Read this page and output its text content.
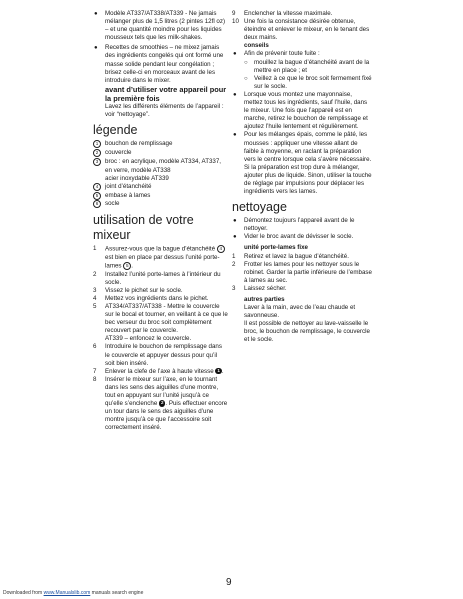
● Modèle AT337/AT338/AT339 - Ne jamais mélanger plus de 1,5 litres (2 pintes 12fl oz) – et une quantité moindre pour les liquides mousseux tels que les milk-shakes.

● Recettes de smoothies – ne mixez jamais des ingrédients congelés qui ont formé une masse solide pendant leur congélation ; brisez celle-ci en morceaux avant de les introduire dans le mixer.

avant d’utiliser votre appareil pour la première fois

Lavez les différents éléments de l’appareil : voir “nettoyage”.

légende
1	bouchon de remplissage
2	couvercle
3	broc : en acrylique, modèle AT334, AT337,
en verre, modèle AT338
acier inoxydable AT339
4	joint d’étanchéité
5	embase à lames
6	socle
utilisation de votre mixeur

1 Assurez-vous que la bague d’étanchéité 4 est bien en place par dessus l’unité porte-lames 5 .

2 Installez l’unité porte-lames à l’intérieur du socle.

3 Vissez le pichet sur le socle.

4 Mettez vos ingrédients dans le pichet.

5 AT334/AT337/AT338 - Mettre le couvercle sur le bocal et tourner, en veillant à ce que le bec verseur du broc soit complètement recouvert par le couvercle.

AT339 – enfoncez le couvercle.

6 Introduire le bouchon de remplissage dans le couvercle et appuyer dessus pour qu’il soit bien inséré.

7 Enlever la clefe de l’axe à haute vitesse 1 .

8 Insérer le mixeur sur l’axe, en le tournant dans les sens des aiguilles d’une montre, tout en appuyant sur l’unité jusqu’à ce qu’elle s’enclenche 2 . Puis effectuer encore un tour dans le sens des aiguilles d’une montre jusqu’à ce que l’accessoire soit correctement inséré.

9 Enclencher la vitesse maximale.

10 Une fois la consistance désirée obtenue, éteindre et enlever le mixeur, en le tenant des deux mains.

conseils

● Afin de prévenir toute fuite :

○ mouillez la bague d’étanchéité avant de la mettre en place ; et

○ Veillez à ce que le broc soit fermement fixé sur le socle.

● Lorsque vous montez une mayonnaise, mettez tous les ingrédients, sauf l’huile, dans le mixeur. Une fois que l’appareil est en marche, retirez le bouchon de remplissage et ajoutez l’huile lentement et régulièrement.

● Pour les mélanges épais, comme le pâté, les mousses : appliquer une vitesse allant de faible à moyenne, en raclant la préparation vers le centre lorsque cela s’avère nécessaire. Si la préparation est trop dure à mélanger, ajouter plus de liquide. Sinon, utiliser la touche de réglage par impulsions pour déplacer les ingrédients vers les lames.

nettoyage

● Démontez toujours l’appareil avant de le nettoyer.

● Vider le broc avant de dévisser le socle.

unité porte-lames fixe

1 Retirez et lavez la bague d’étanchéité.

2 Frotter les lames pour les nettoyer sous le robinet. Garder la partie inférieure de l’embase à lames au sec.

3 Laissez sécher.

autres parties

Laver à la main, avec de l’eau chaude et savonneuse.

Il est possible de nettoyer au lave-vaisselle le broc, le bouchon de remplissage, le couvercle et le socle.

9
Downloaded from www.Manualslib.com manuals search engine
